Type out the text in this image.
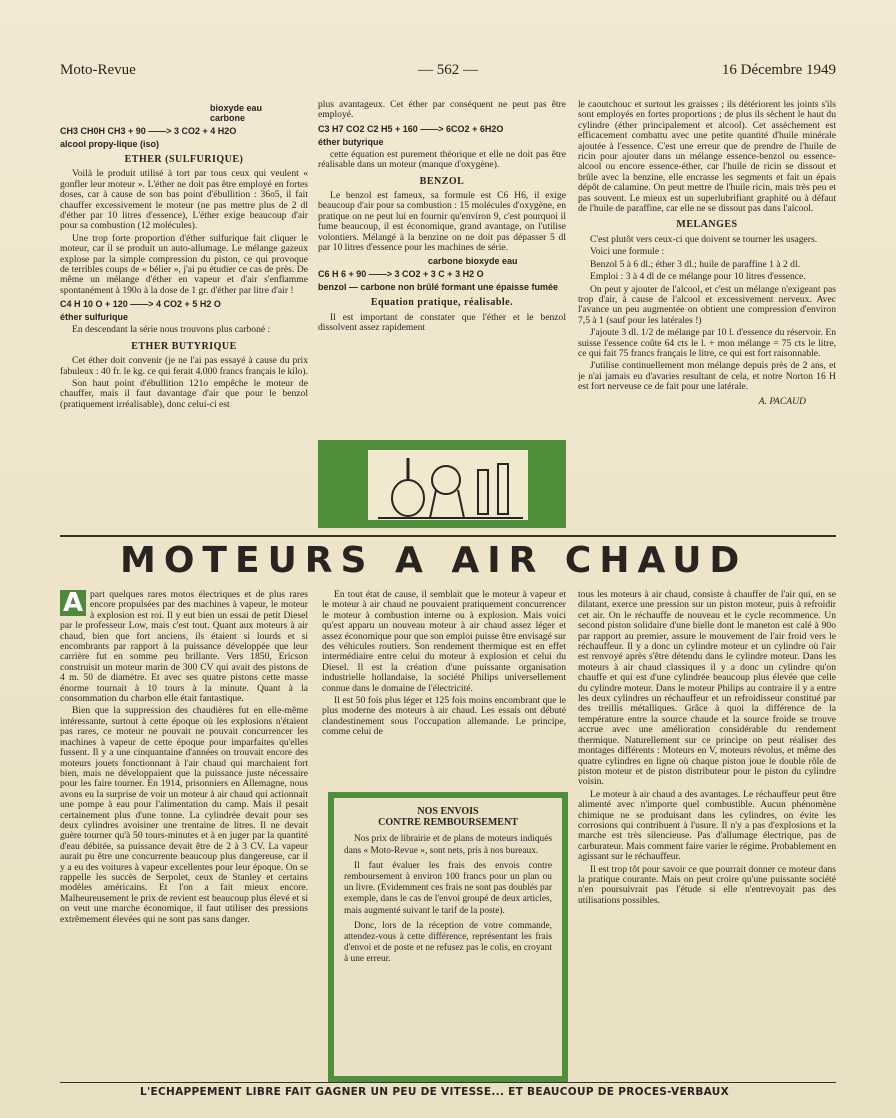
Moto-Revue	— 562 —	16 Décembre 1949
bioxyde eau
carbone
CH3 CH0H CH3 + 90 ——> 3 CO2 + 4 H2O
alcool propy-lique (iso)
ETHER (SULFURIQUE)

Voilà le produit utilisé à tort par tous ceux qui veulent « gonfler leur moteur ». L'éther ne doit pas être employé en fortes doses, car à cause de son bas point d'ébullition : 36o5, il fait chauffer excessivement le moteur (ne pas mettre plus de 2 dl d'éther par 10 litres d'essence), L'éther exige beaucoup d'air pour sa combustion (12 molécules).

Une trop forte proportion d'éther sulfurique fait cliquer le moteur, car il se produit un auto-allumage. Le mélange gazeux explose par la simple compression du piston, ce qui provoque de terribles coups de « bélier », j'ai pu étudier ce cas de près. De même un mélange d'éther en vapeur et d'air s'enflamme spontanément à 190o à la dose de 1 gr. d'éther par litre d'air !

C4 H 10 O + 120 ——> 4 CO2 + 5 H2 O
éther sulfurique

En descendant la série nous trouvons plus carboné :

ETHER BUTYRIQUE

Cet éther doit convenir (je ne l'ai pas essayé à cause du prix fabuleux : 40 fr. le kg. ce qui ferait 4.000 francs français le kilo).

Son haut point d'ébullition 121o empêche le moteur de chauffer, mais il faut davantage d'air que pour le benzol (pratiquement irréalisable), donc celui-ci est

plus avantageux. Cet éther par conséquent ne peut pas être employé.

C3 H7 CO2 C2 H5 + 160 ——> 6CO2 + 6H2O
éther butyrique

cette équation est purement théorique et elle ne doit pas être réalisable dans un moteur (manque d'oxygène).

BENZOL

Le benzol est fameux, sa formule est C6 H6, il exige beaucoup d'air pour sa combustion : 15 molécules d'oxygène, en pratique on ne peut lui en fournir qu'environ 9, c'est pourquoi il fume beaucoup, il est économique, grand avantage, on l'utilise volontiers. Mélangé à la benzine on ne doit pas dépasser 5 dl par 10 litres d'essence pour les machines de série.

carbone bioxyde eau
C6 H 6 + 90 ——> 3 CO2 + 3 C + 3 H2 O
benzol — carbone non brûlé formant une épaisse fumée
Equation pratique, réalisable.

Il est important de constater que l'éther et le benzol dissolvent assez rapidement

le caoutchouc et surtout les graisses ; ils détériorent les joints s'ils sont employés en fortes proportions ; de plus ils sèchent le haut du cylindre (éther principalement et alcool). Cet assèchement est efficacement combattu avec une petite quantité d'huile minérale ajoutée à l'essence. C'est une erreur que de prendre de l'huile de ricin pour ajouter dans un mélange essence-benzol ou essence-alcool ou encore essence-éther, car l'huile de ricin se dissout et brûle avec la benzine, elle encrasse les segments et fait un épais dépôt de calamine. On peut mettre de l'huile ricin, mais très peu et pas souvent. Le mieux est un superlubrifiant graphité ou à défaut de l'huile de paraffine, car elle ne se dissout pas dans l'alcool.

MELANGES

C'est plutôt vers ceux-ci que doivent se tourner les usagers.

Voici une formule :

Benzol 5 à 6 dl.; éther 3 dl.; huile de paraffine 1 à 2 dl.

Emploi : 3 à 4 dl de ce mélange pour 10 litres d'essence.

On peut y ajouter de l'alcool, et c'est un mélange n'exigeant pas trop d'air, à cause de l'alcool et excessivement nerveux. Avec l'avance un peu augmentée on obtient une compression d'environ 7,5 à 1 (sauf pour les latérales !)

J'ajoute 3 dl. 1/2 de mélange par 10 l. d'essence du réservoir. En suisse l'essence coûte 64 cts le l. + mon mélange = 75 cts le litre, ce qui fait 75 francs français le litre, ce qui est fort raisonnable.

J'utilise continuellement mon mélange depuis près de 2 ans, et je n'ai jamais eu d'avaries resultant de cela, et notre Norton 16 H est fort nerveuse ce de fait pour une latérale.

A. PACAUD
MOTEURS A AIR CHAUD
A part quelques rares motos électriques et de plus rares encore propulsées par des machines à vapeur, le moteur à explosion est roi. Il y eut bien un essai de petit Diesel par le professeur Low, mais c'est tout. Quant aux moteurs à air chaud, bien que fort anciens, ils étaient si lourds et si encombrants par rapport à la puissance développée que leur carrière fut en somme peu brillante. Vers 1850, Ericson construisit un moteur marin de 300 CV qui avait des pistons de 4 m. 50 de diamètre. Et avec ses quatre pistons cette masse énorme tournait à 10 tours à la minute. Quant à la consommation du charbon elle était fantastique.

Bien que la suppression des chaudières fut en elle-même intéressante, surtout à cette époque où les explosions n'étaient pas rares, ce moteur ne pouvait ne pouvait concurrencer les machines à vapeur de cette époque pour imparfaites qu'elles fussent. Il y a une cinquantaine d'années on trouvait encore des moteurs jouets fonctionnant à l'air chaud qui marchaient fort bien, mais ne développaient que la puissance juste nécessaire pour les faire tourner. En 1914, prisonniers en Allemagne, nous avons eu la surprise de voir un moteur à air chaud qui actionnait une pompe à eau pour l'alimentation du camp. Mais il pesait certainement plus d'une tonne. La cylindrée devait pour ses deux cylindres avoisiner une trentaine de litres. Il ne devait guère tourner qu'à 50 tours-minutes et à en juger par la quantité d'eau débitée, sa puissance devait être de 2 à 3 CV. La vapeur aurait pu être une concurrente beaucoup plus dangereuse, car il y a eu des voitures à vapeur excellentes pour leur époque. On se rappelle les succès de Serpolet, ceux de Stanley et certains modèles américains. Et l'on a fait mieux encore. Malheureusement le prix de revient est beaucoup plus élevé et si on veut une marche économique, il faut utiliser des pressions extrêmement élevées qui ne sont pas sans danger.

En tout état de cause, il semblait que le moteur à vapeur et le moteur à air chaud ne pouvaient pratiquement concurrencer le moteur à combustion interne ou à explosion. Mais voici qu'est apparu un nouveau moteur à air chaud assez léger et assez économique pour que son emploi puisse être envisagé sur des véhicules routiers. Son rendement thermique est en effet intermédiaire entre celui du moteur à explosion et celui du Diesel. Il est la création d'une puissante organisation industrielle hollandaise, la société Philips universellement connue dans le domaine de l'électricité.

Il est 50 fois plus léger et 125 fois moins encombrant que le plus moderne des moteurs à air chaud. Les essais ont débuté clandestinement sous l'occupation allemande. Le principe, comme celui de

NOS ENVOIS
CONTRE REMBOURSEMENT

Nos prix de librairie et de plans de moteurs indiqués dans « Moto-Revue », sont nets, pris à nos bureaux.

Il faut évaluer les frais des envois contre remboursement à environ 100 francs pour un plan ou un livre. (Evidemment ces frais ne sont pas doublés par exemple, dans le cas de l'envoi groupé de deux articles, mais augmenté suivant le tarif de la poste).

Donc, lors de la réception de votre commande, attendez-vous à cette différence, représentant les frais d'envoi et de poste et ne refusez pas le colis, en croyant à une erreur.

tous les moteurs à air chaud, consiste à chauffer de l'air qui, en se dilatant, exerce une pression sur un piston moteur, puis à refroidir cet air. On le réchauffe de nouveau et le cycle recommence. Un second piston solidaire d'une bielle dont le maneton est calé à 90o par rapport au premier, assure le mouvement de l'air froid vers le réchauffeur. Il y a donc un cylindre moteur et un cylindre où l'air est renvoyé après s'être détendu dans le cylindre moteur. Dans les moteurs à air chaud classiques il y a donc un cylindre qu'on chauffe et qui est d'une cylindrée beaucoup plus élevée que celle du cylindre moteur. Dans le moteur Philips au contraire il y a entre les deux cylindres un réchauffeur et un refroidisseur constitué par des treillis métalliques. Grâce à quoi la différence de la température entre la source chaude et la source froide se trouve accrue avec une amélioration considérable du rendement thermique. Naturellement sur ce principe on peut réaliser des montages différents : Moteurs en V, moteurs révolus, et même des quatre cylindres en ligne où chaque piston joue le double rôle de piston moteur et de piston distributeur pour le piston du cylindre voisin.

Le moteur à air chaud a des avantages. Le réchauffeur peut être alimenté avec n'importe quel combustible. Aucun phénomène chimique ne se produisant dans les cylindres, on évite les corrosions qui contribuent à l'usure. Il n'y a pas d'explosions et la marche est très silencieuse. Pas d'allumage électrique, pas de carburateur. Mais comment faire varier le régime. Probablement en agissant sur le réchauffeur.

Il est trop tôt pour savoir ce que pourrait donner ce moteur dans la pratique courante. Mais on peut croire qu'une puissante société n'en poursuivrait pas l'étude si elle n'entrevoyait pas des utilisations possibles.

L'ECHAPPEMENT LIBRE FAIT GAGNER UN PEU DE VITESSE... ET BEAUCOUP DE PROCES-VERBAUX
